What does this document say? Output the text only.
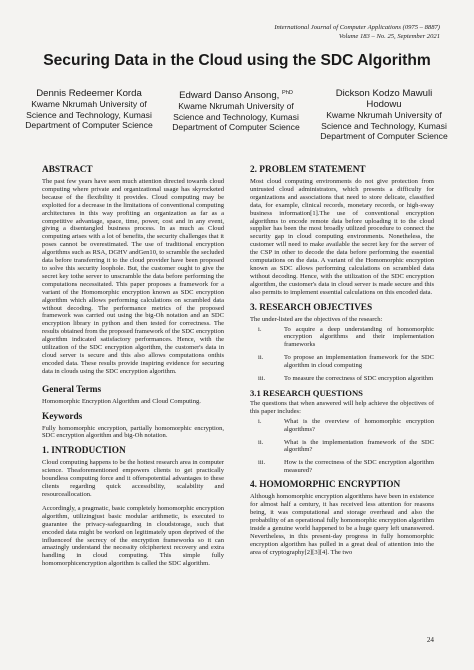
International Journal of Computer Applications (0975 – 8887)
Volume 183 – No. 25, September 2021
Securing Data in the Cloud using the SDC Algorithm
Dennis Redeemer Korda
Kwame Nkrumah University of
Science and Technology, Kumasi
Department of Computer Science
Edward Danso Ansong, $^{PhD}$
Kwame Nkrumah University of
Science and Technology, Kumasi
Department of Computer Science
Dickson Kodzo Mawuli
Hodowu
Kwame Nkrumah University of
Science and Technology, Kumasi
Department of Computer Science
ABSTRACT

The past few years have seen much attention directed towards cloud computing where private and organizational usage has skyrocketed because of the flexibility it provides. Cloud computing may be exploited for a decrease in the limitations of conventional computing architectures in this way profiting an organization as far as a competitive advantage, space, time, power, cost and in any event, giving a disentangled business process. In as much as Cloud computing arises with a lot of benefits, the security challenges that it poses cannot be overestimated. The use of traditional encryption algorithms such as RSA, DGHV andGen10, to scramble the secluded data before transferring it to the cloud provider have been proposed to solve this security loophole. But, the customer ought to give the secret key tothe server to unscramble the data before performing the computations necessitated. This paper proposes a framework for a variant of the Homomorphic encryption known as SDC encryption algorithm which allows performing calculations on scrambled data without decoding. The performance metrics of the proposed framework was carried out using the big-Oh notation and an SDC encryption library in python and then tested for correctness. The results obtained from the proposed framework of the SDC encryption algorithm indicated satisfactory performances. Hence, with the utilization of the SDC encryption algorithm, the customer's data in cloud server is secure and this also allows computations onthis encoded data. These results provide inspiring evidence for securing data in clouds using the SDC encryption algorithm.

General Terms

Homomorphic Encryption Algorithm and Cloud Computing.

Keywords

Fully homomorphic encryption, partially homomorphic encryption, SDC encryption algorithm and big-Oh notation.

1. INTRODUCTION

Cloud computing happens to be the hottest research area in computer science. Theaforementioned empowers clients to get practically boundless computing force and it offerspotential advantages to these clients regarding quick accessibility, scalability and resourceallocation.

Accordingly, a pragmatic, basic completely homomorphic encryption algorithm, utilizingjust basic modular arithmetic, is executed to guarantee the privacy-safeguarding in cloudstorage, such that encoded data might be worked on legitimately upon deprived of the influenceof the secrecy of the encryption frameworks so it can amazingly understand the necessity ofciphertext recovery and extra handling in cloud computing. This simple fully homomorphicencryption algorithm is called the SDC algorithm.

2. PROBLEM STATEMENT

Most cloud computing environments do not give protection from untrusted cloud administrators, which presents a difficulty for organizations and associations that need to store delicate, classified data, for example, clinical records, monetary records, or high-sway business information[1].The use of conventional encryption algorithms to encode remote data before uploading it to the cloud supplier has been the most broadly utilized procedure to connect the security gap in cloud computing environments. Nonetheless, the customer will need to make available the secret key for the server of the CSP in other to decode the data before performing the essential computations on the data. A variant of the Homomorphic encryption known as SDC allows performing calculations on scrambled data without decoding. Hence, with the utilization of the SDC encryption algorithm, the customer's data in cloud server is made secure and this also permits to implement essential calculations on this encoded data.

3. RESEARCH OBJECTIVES

The under-listed are the objectives of the research:

i.	To acquire a deep understanding of homomorphic encryption algorithms and their implementation frameworks
ii.	To propose an implementation framework for the SDC algorithm in cloud computing
iii.	To measure the correctness of SDC encryption algorithm
3.1 RESEARCH QUESTIONS

The questions that when answered will help achieve the objectives of this paper includes:

i.	What is the overview of homomorphic encryption algorithms?
ii.	What is the implementation framework of the SDC algorithm?
iii.	How is the correctness of the SDC encryption algorithm measured?
4. HOMOMORPHIC ENCRYPTION

Although homomorphic encryption algorithms have been in existence for almost half a century, it has received less attention for reasons being, it was computational and storage overhead and also the probability of an operational fully homomorphic encryption algorithm inside a genuine world happened to be a huge query left unanswered. Nevertheless, in this present-day progress in fully homomorphic encryption algorithm has pulled in a great deal of attention into the area of cryptography[2][3][4]. The two

24
